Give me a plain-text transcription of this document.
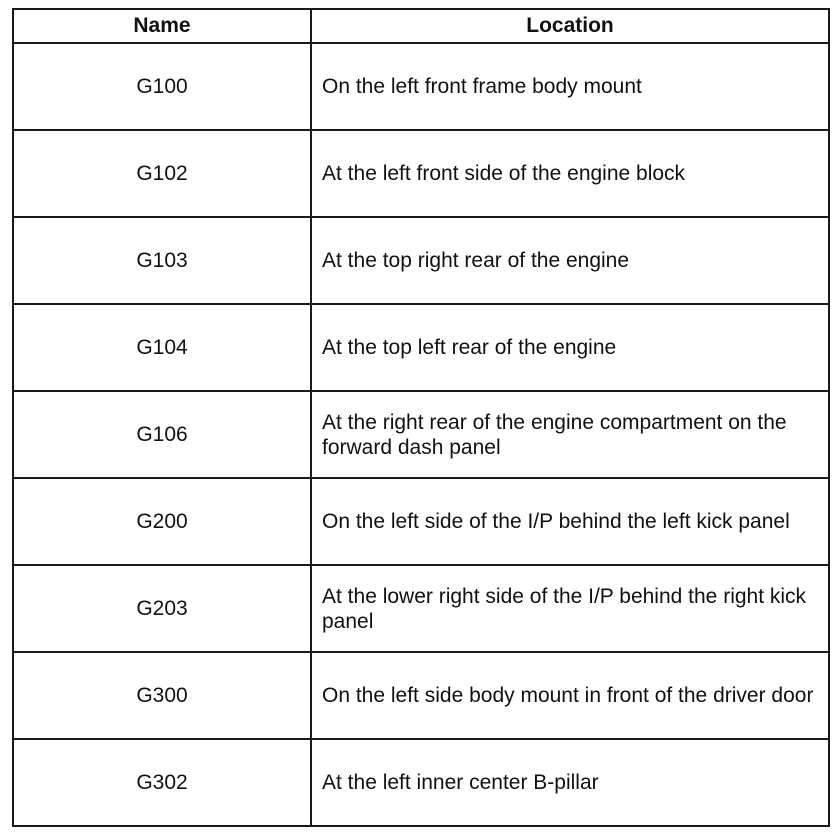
Name	Location
G100	On the left front frame body mount
G102	At the left front side of the engine block
G103	At the top right rear of the engine
G104	At the top left rear of the engine
G106	At the right rear of the engine compartment on the forward dash panel
G200	On the left side of the I/P behind the left kick panel
G203	At the lower right side of the I/P behind the right kick panel
G300	On the left side body mount in front of the driver door
G302	At the left inner center B-pillar
